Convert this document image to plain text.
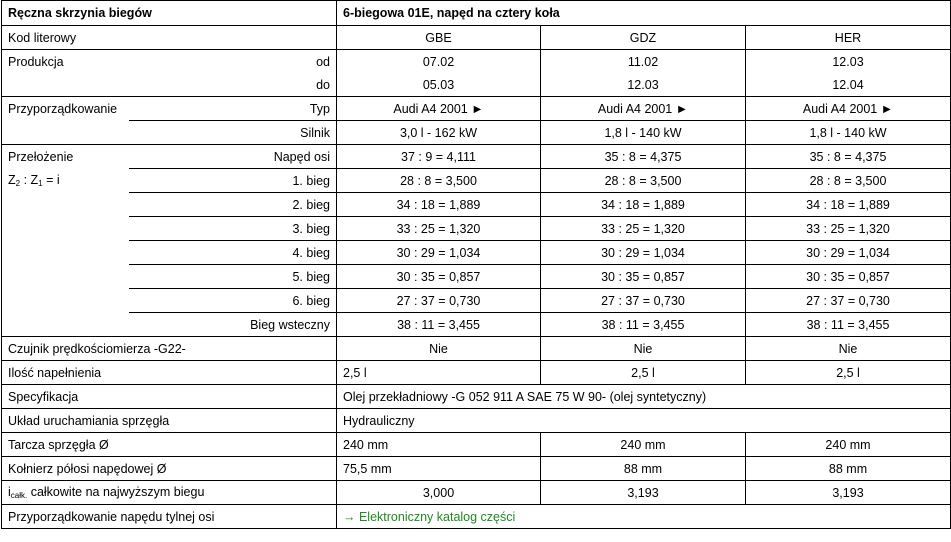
Ręczna skrzynia biegów		6-biegowa 01E, napęd na cztery koła		
Kod literowy		GBE	GDZ	HER
Produkcja	od	07.02	11.02	12.03
	do	05.03	12.03	12.04
Przyporządkowanie	Typ	Audi A4 2001 ►	Audi A4 2001 ►	Audi A4 2001 ►
	Silnik	3,0 l - 162 kW	1,8 l - 140 kW	1,8 l - 140 kW
Przełożenie	Napęd osi	37 : 9 = 4,111	35 : 8 = 4,375	35 : 8 = 4,375
$Z_2$ : $Z_1 = i$	1. bieg	28 : 8 = 3,500	28 : 8 = 3,500	28 : 8 = 3,500
	2. bieg	34 : 18 = 1,889	34 : 18 = 1,889	34 : 18 = 1,889
	3. bieg	33 : 25 = 1,320	33 : 25 = 1,320	33 : 25 = 1,320
	4. bieg	30 : 29 = 1,034	30 : 29 = 1,034	30 : 29 = 1,034
	5. bieg	30 : 35 = 0,857	30 : 35 = 0,857	30 : 35 = 0,857
	6. bieg	27 : 37 = 0,730	27 : 37 = 0,730	27 : 37 = 0,730
	Bieg wsteczny	38 : 11 = 3,455	38 : 11 = 3,455	38 : 11 = 3,455
Czujnik prędkościomierza -G22-		Nie	Nie	Nie
Ilość napełnienia		2,5 l	2,5 l	2,5 l
Specyfikacja		Olej przekładniowy -G 052 911 A SAE 75 W 90- (olej syntetyczny)		
Układ uruchamiania sprzęgła		Hydrauliczny		
Tarcza sprzęgła Ø		240 mm	240 mm	240 mm
Kołnierz półosi napędowej Ø		75,5 mm	88 mm	88 mm
$i_{całk.}$ całkowite na najwyższym biegu		3,000	3,193	3,193
Przyporządkowanie napędu tylnej osi		→ Elektroniczny katalog części		
